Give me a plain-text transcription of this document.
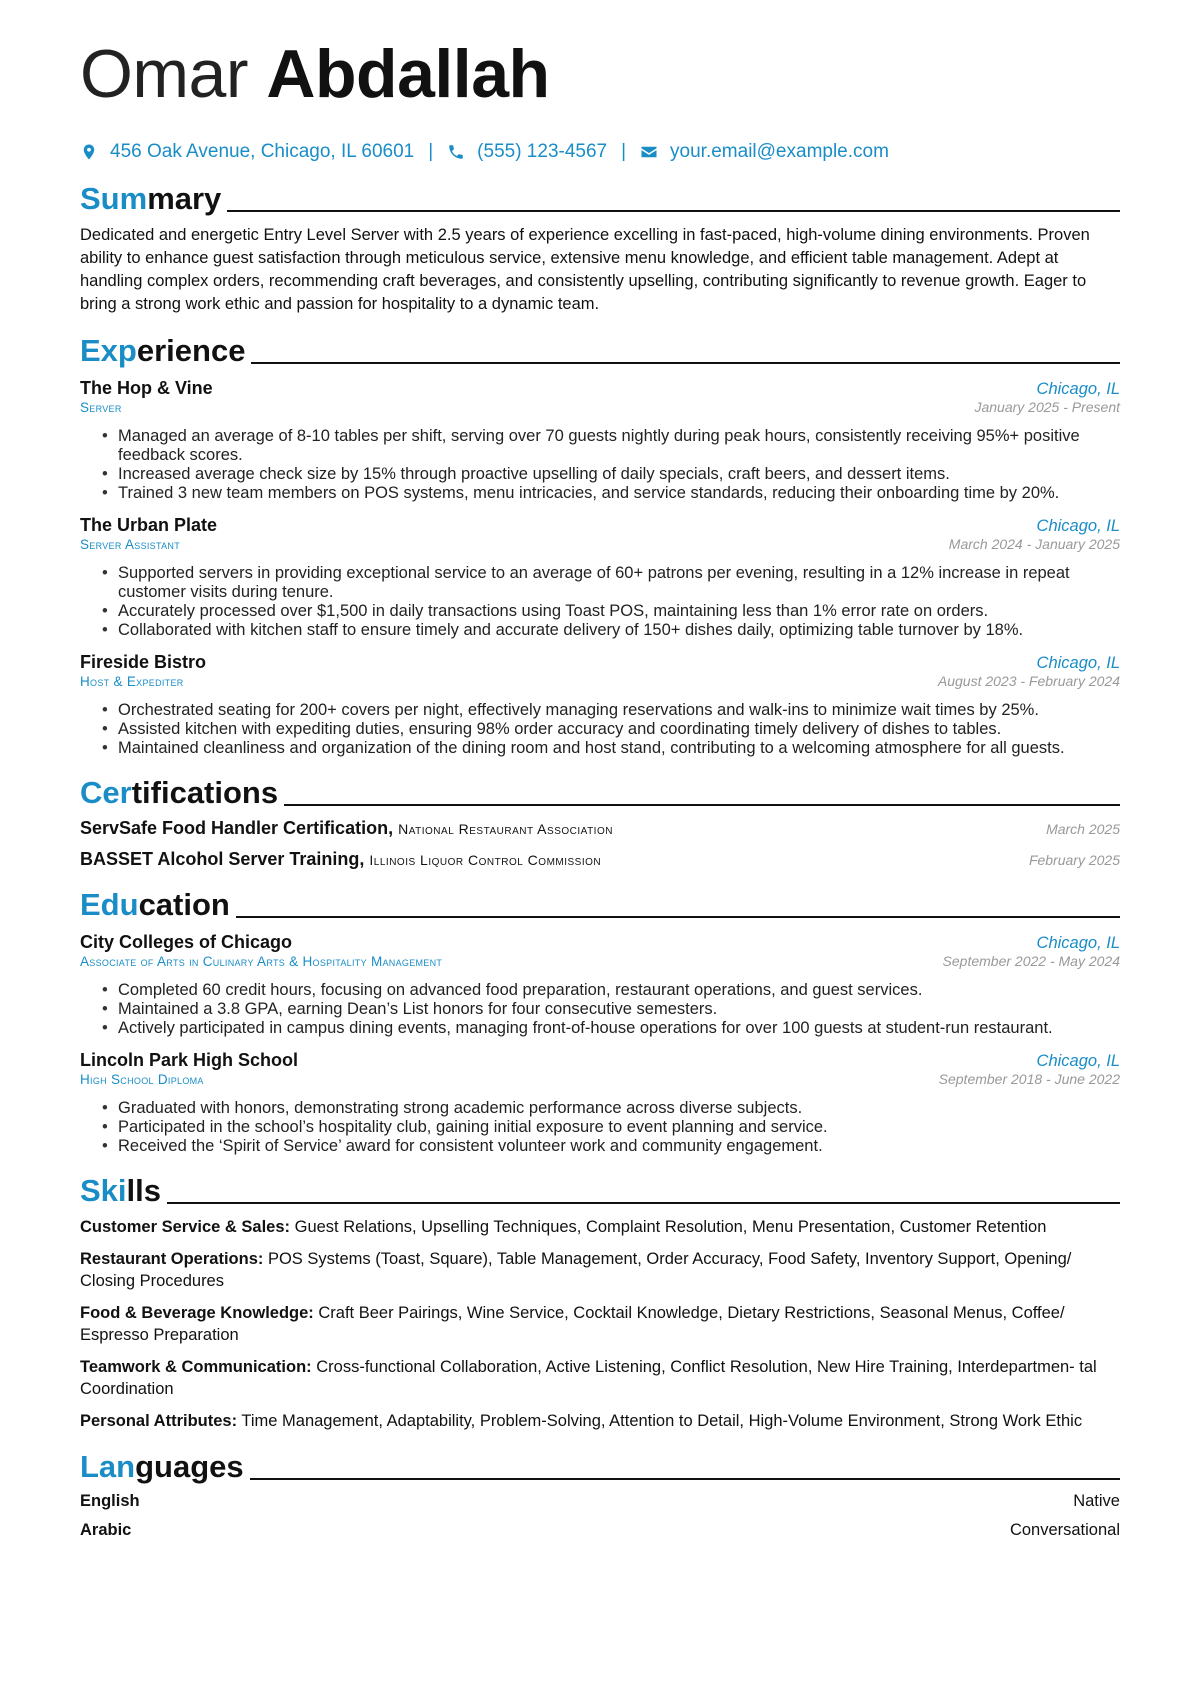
Omar Abdallah
456 Oak Avenue, Chicago, IL 60601 | (555) 123-4567 | your.email@example.com
Summary

Dedicated and energetic Entry Level Server with 2.5 years of experience excelling in fast-paced, high-volume dining environments. Proven ability to enhance guest satisfaction through meticulous service, extensive menu knowledge, and efficient table management. Adept at handling complex orders, recommending craft beverages, and consistently upselling, contributing significantly to revenue growth. Eager to bring a strong work ethic and passion for hospitality to a dynamic team.

Experience
The Hop & Vine	Chicago, IL
Server	January 2025 - Present
• Managed an average of 8-10 tables per shift, serving over 70 guests nightly during peak hours, consistently receiving 95%+ positive feedback scores.
• Increased average check size by 15% through proactive upselling of daily specials, craft beers, and dessert items.
• Trained 3 new team members on POS systems, menu intricacies, and service standards, reducing their onboarding time by 20%.
The Urban Plate	Chicago, IL
Server Assistant	March 2024 - January 2025
• Supported servers in providing exceptional service to an average of 60+ patrons per evening, resulting in a 12% increase in repeat customer visits during tenure.
• Accurately processed over $1,500 in daily transactions using Toast POS, maintaining less than 1% error rate on orders.
• Collaborated with kitchen staff to ensure timely and accurate delivery of 150+ dishes daily, optimizing table turnover by 18%.
Fireside Bistro	Chicago, IL
Host & Expediter	August 2023 - February 2024
• Orchestrated seating for 200+ covers per night, effectively managing reservations and walk-ins to minimize wait times by 25%.
• Assisted kitchen with expediting duties, ensuring 98% order accuracy and coordinating timely delivery of dishes to tables.
• Maintained cleanliness and organization of the dining room and host stand, contributing to a welcoming atmosphere for all guests.
Certifications
ServSafe Food Handler Certification, National Restaurant Association	March 2025
BASSET Alcohol Server Training, Illinois Liquor Control Commission	February 2025
Education
City Colleges of Chicago	Chicago, IL
Associate of Arts in Culinary Arts & Hospitality Management	September 2022 - May 2024
• Completed 60 credit hours, focusing on advanced food preparation, restaurant operations, and guest services.
• Maintained a 3.8 GPA, earning Dean’s List honors for four consecutive semesters.
• Actively participated in campus dining events, managing front-of-house operations for over 100 guests at student-run restaurant.
Lincoln Park High School	Chicago, IL
High School Diploma	September 2018 - June 2022
• Graduated with honors, demonstrating strong academic performance across diverse subjects.
• Participated in the school’s hospitality club, gaining initial exposure to event planning and service.
• Received the ‘Spirit of Service’ award for consistent volunteer work and community engagement.
Skills

Customer Service & Sales: Guest Relations, Upselling Techniques, Complaint Resolution, Menu Presentation, Customer Retention

Restaurant Operations: POS Systems (Toast, Square), Table Management, Order Accuracy, Food Safety, Inventory Support, Opening/ Closing Procedures

Food & Beverage Knowledge: Craft Beer Pairings, Wine Service, Cocktail Knowledge, Dietary Restrictions, Seasonal Menus, Coffee/ Espresso Preparation

Teamwork & Communication: Cross-functional Collaboration, Active Listening, Conflict Resolution, New Hire Training, Interdepartmen- tal Coordination

Personal Attributes: Time Management, Adaptability, Problem-Solving, Attention to Detail, High-Volume Environment, Strong Work Ethic

Languages
English	Native
Arabic	Conversational
